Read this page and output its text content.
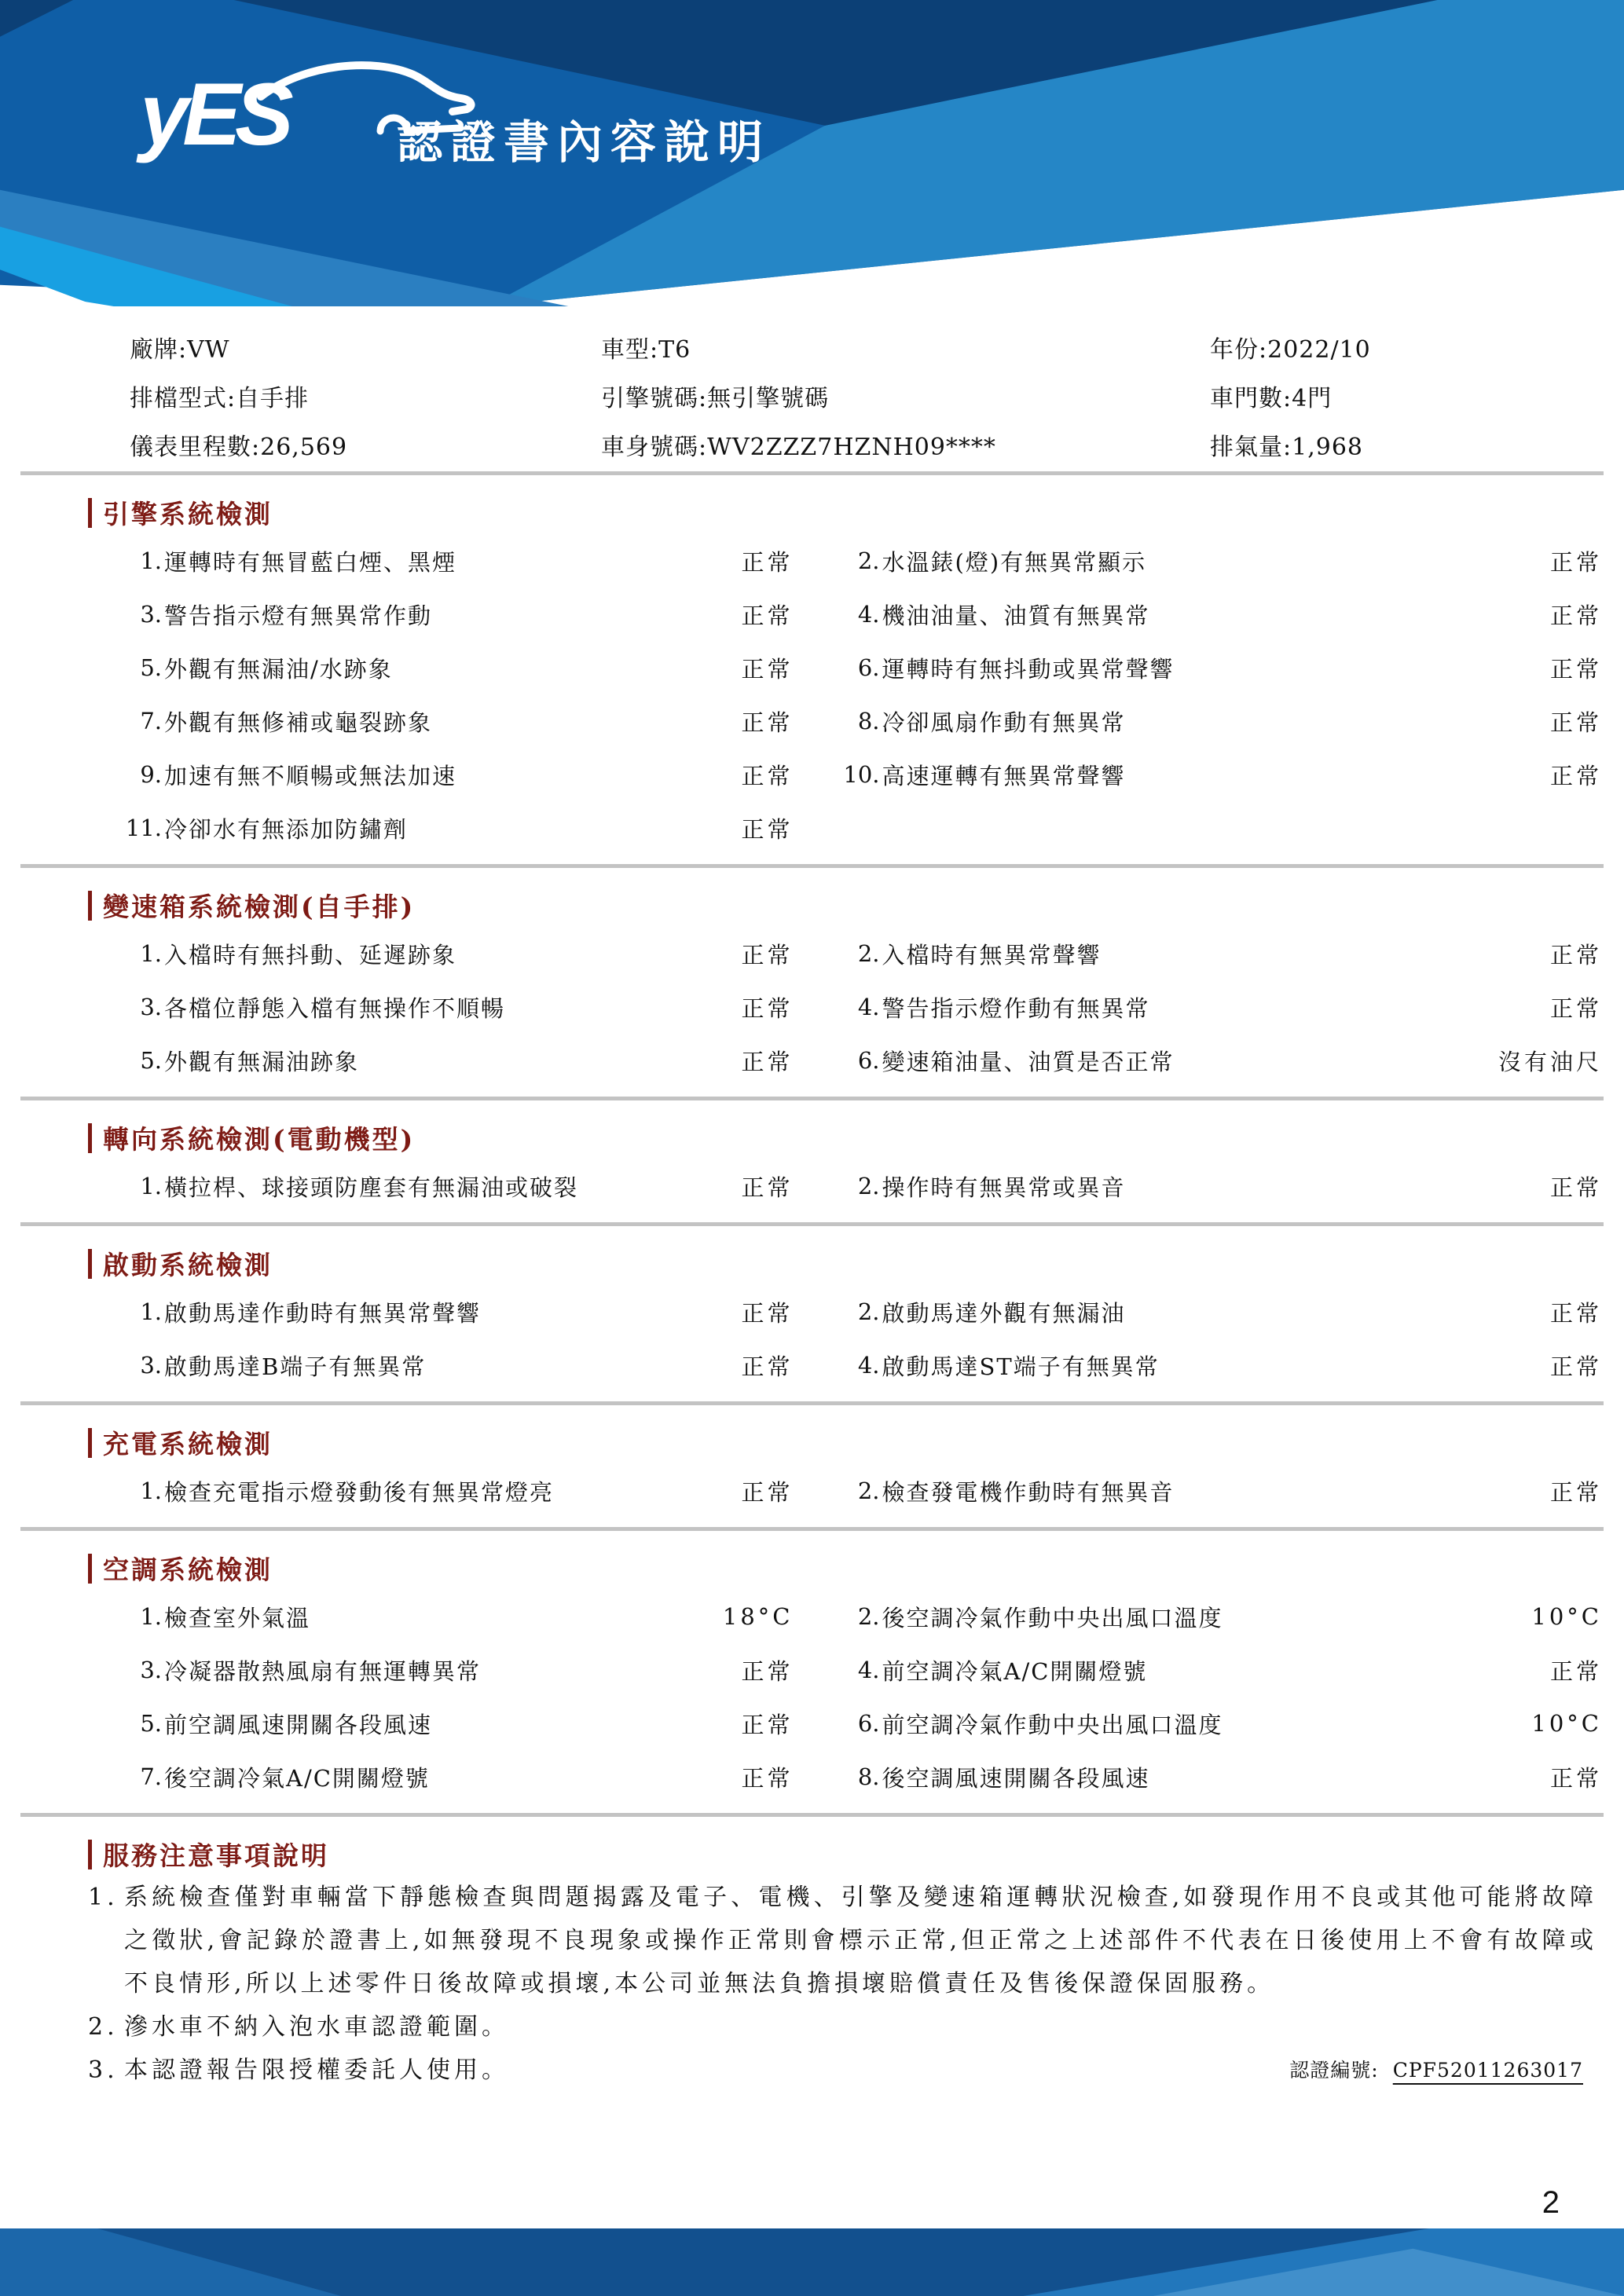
yES 認證書內容說明
廠牌:VW	車型:T6	年份:2022/10
排檔型式:自手排	引擎號碼:無引擎號碼	車門數:4門
儀表里程數:26,569	車身號碼:WV2ZZZ7HZNH09****	排氣量:1,968
引擎系統檢測
1. 運轉時有無冒藍白煙、黑煙	正常	2. 水溫錶(燈)有無異常顯示	正常
3. 警告指示燈有無異常作動	正常	4. 機油油量、油質有無異常	正常
5. 外觀有無漏油/水跡象	正常	6. 運轉時有無抖動或異常聲響	正常
7. 外觀有無修補或龜裂跡象	正常	8. 冷卻風扇作動有無異常	正常
9. 加速有無不順暢或無法加速	正常 10. 高速運轉有無異常聲響	正常
11. 冷卻水有無添加防鏽劑	正常
變速箱系統檢測(自手排)
1. 入檔時有無抖動、延遲跡象	正常	2. 入檔時有無異常聲響	正常
3. 各檔位靜態入檔有無操作不順暢	正常	4. 警告指示燈作動有無異常	正常
5. 外觀有無漏油跡象	正常	6. 變速箱油量、油質是否正常	沒有油尺
轉向系統檢測(電動機型)
1. 橫拉桿、球接頭防塵套有無漏油或破裂	正常	2. 操作時有無異常或異音	正常
啟動系統檢測
1. 啟動馬達作動時有無異常聲響	正常	2. 啟動馬達外觀有無漏油	正常
3. 啟動馬達B端子有無異常	正常	4. 啟動馬達ST端子有無異常	正常
充電系統檢測
1. 檢查充電指示燈發動後有無異常燈亮	正常	2. 檢查發電機作動時有無異音	正常
空調系統檢測
1. 檢查室外氣溫	18°C	2. 後空調冷氣作動中央出風口溫度	10°C
3. 冷凝器散熱風扇有無運轉異常	正常	4. 前空調冷氣A/C開關燈號	正常
5. 前空調風速開關各段風速	正常	6. 前空調冷氣作動中央出風口溫度	10°C
7. 後空調冷氣A/C開關燈號	正常	8. 後空調風速開關各段風速	正常
服務注意事項說明
1. 系統檢查僅對車輛當下靜態檢查與問題揭露及電子、電機、引擎及變速箱運轉狀況檢查,如發現作用不良或其他可能將故障之徵狀,會記錄於證書上,如無發現不良現象或操作正常則會標示正常,但正常之上述部件不代表在日後使用上不會有故障或不良情形,所以上述零件日後故障或損壞,本公司並無法負擔損壞賠償責任及售後保證保固服務。
2. 滲水車不納入泡水車認證範圍。
3. 本認證報告限授權委託人使用。	認證編號: CPF52011263017
2
